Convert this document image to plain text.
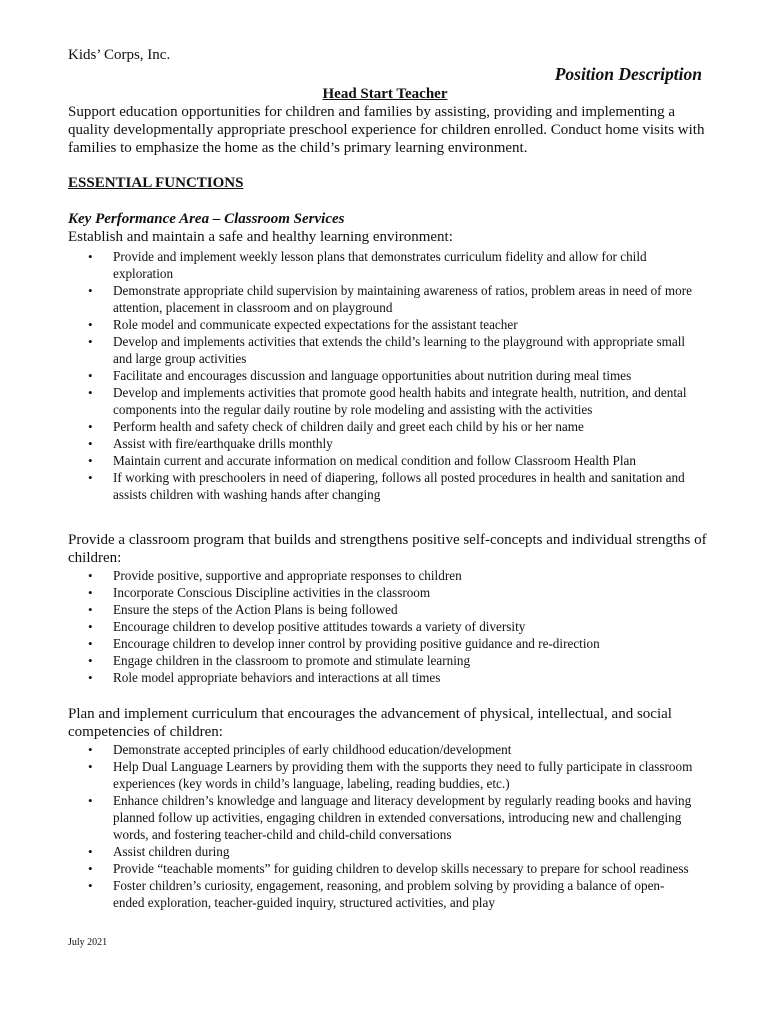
Kids’ Corps, Inc.
Position Description
Head Start Teacher
Support education opportunities for children and families by assisting, providing and implementing a quality developmentally appropriate preschool experience for children enrolled. Conduct home visits with families to emphasize the home as the child’s primary learning environment.
ESSENTIAL FUNCTIONS
Key Performance Area – Classroom Services
Establish and maintain a safe and healthy learning environment:
• Provide and implement weekly lesson plans that demonstrates curriculum fidelity and allow for child exploration
• Demonstrate appropriate child supervision by maintaining awareness of ratios, problem areas in need of more attention, placement in classroom and on playground
• Role model and communicate expected expectations for the assistant teacher
• Develop and implements activities that extends the child’s learning to the playground with appropriate small and large group activities
• Facilitate and encourages discussion and language opportunities about nutrition during meal times
• Develop and implements activities that promote good health habits and integrate health, nutrition, and dental components into the regular daily routine by role modeling and assisting with the activities
• Perform health and safety check of children daily and greet each child by his or her name
• Assist with fire/earthquake drills monthly
• Maintain current and accurate information on medical condition and follow Classroom Health Plan
• If working with preschoolers in need of diapering, follows all posted procedures in health and sanitation and assists children with washing hands after changing
Provide a classroom program that builds and strengthens positive self-concepts and individual strengths of children:
• Provide positive, supportive and appropriate responses to children
• Incorporate Conscious Discipline activities in the classroom
• Ensure the steps of the Action Plans is being followed
• Encourage children to develop positive attitudes towards a variety of diversity
• Encourage children to develop inner control by providing positive guidance and re-direction
• Engage children in the classroom to promote and stimulate learning
• Role model appropriate behaviors and interactions at all times
Plan and implement curriculum that encourages the advancement of physical, intellectual, and social competencies of children:
• Demonstrate accepted principles of early childhood education/development
• Help Dual Language Learners by providing them with the supports they need to fully participate in classroom experiences (key words in child’s language, labeling, reading buddies, etc.)
• Enhance children’s knowledge and language and literacy development by regularly reading books and having planned follow up activities, engaging children in extended conversations, introducing new and challenging words, and fostering teacher-child and child-child conversations
• Assist children during
• Provide “teachable moments” for guiding children to develop skills necessary to prepare for school readiness
• Foster children’s curiosity, engagement, reasoning, and problem solving by providing a balance of open-ended exploration, teacher-guided inquiry, structured activities, and play
July 2021
